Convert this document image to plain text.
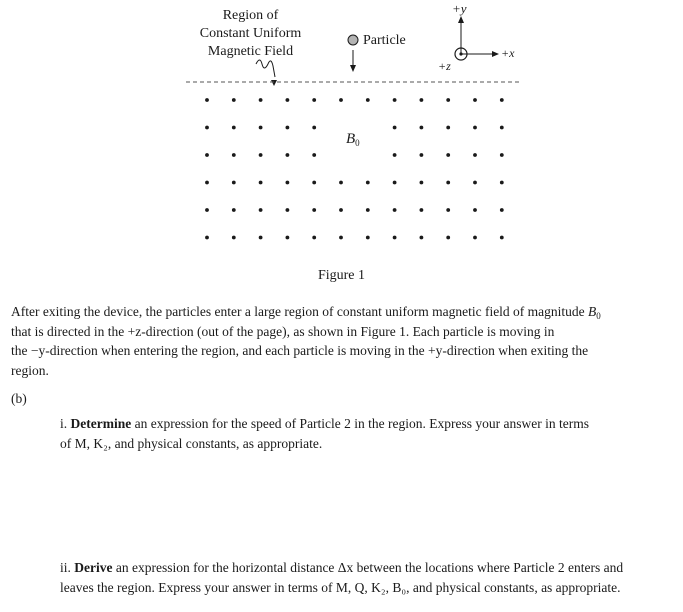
Region of
Constant Uniform
Magnetic Field
Particle
+y
+x
+z
$B_0$
Figure 1
After exiting the device, the particles enter a large region of constant uniform magnetic field of magnitude $B_0$
that is directed in the +z-direction (out of the page), as shown in Figure 1. Each particle is moving in
the −y-direction when entering the region, and each particle is moving in the +y-direction when exiting the
region.
(b)
i. Determine an expression for the speed of Particle 2 in the region. Express your answer in terms
of M, K₂, and physical constants, as appropriate.
ii. Derive an expression for the horizontal distance Δx between the locations where Particle 2 enters and
leaves the region. Express your answer in terms of M, Q, K₂, B₀, and physical constants, as appropriate.
